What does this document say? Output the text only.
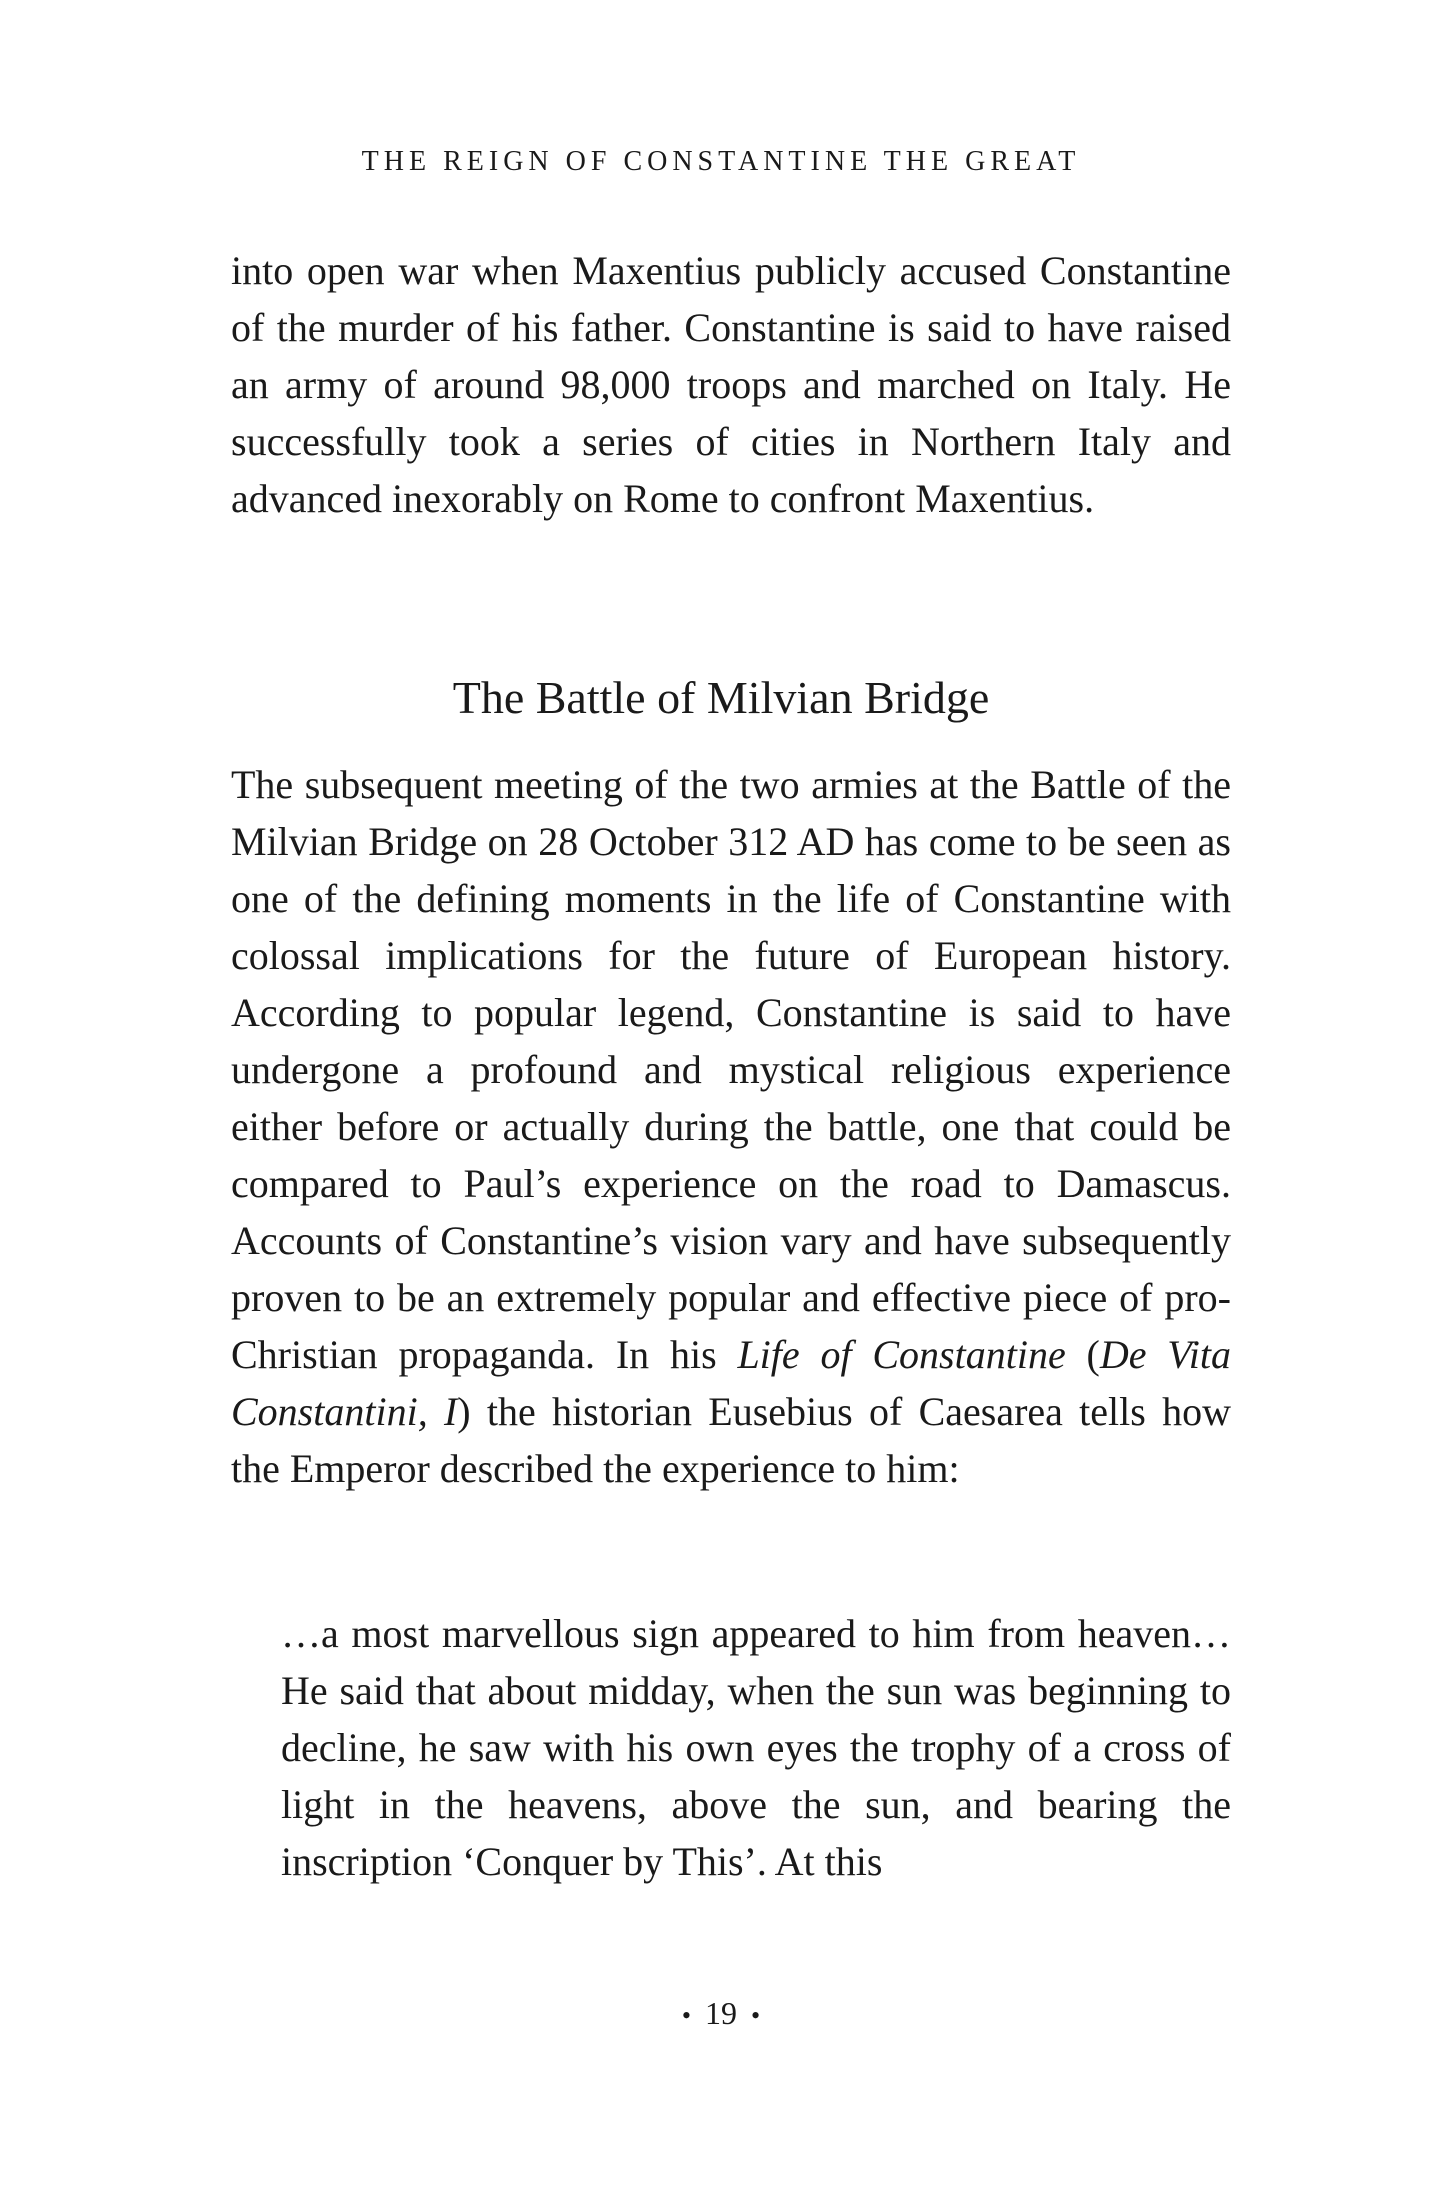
THE REIGN OF CONSTANTINE THE GREAT

into open war when Maxentius publicly accused Constantine of the murder of his father. Constantine is said to have raised an army of around 98,000 troops and marched on Italy. He successfully took a series of cities in Northern Italy and advanced inexorably on Rome to confront Maxentius.

The Battle of Milvian Bridge

The subsequent meeting of the two armies at the Battle of the Milvian Bridge on 28 October 312 AD has come to be seen as one of the defining moments in the life of Constantine with colossal implications for the future of European history. According to popular legend, Constantine is said to have undergone a profound and mystical religious experience either before or actually during the battle, one that could be compared to Paul’s experience on the road to Damascus. Accounts of Constantine’s vision vary and have subsequently proven to be an extremely popular and effective piece of pro-Christian propaganda. In his Life of Constantine (De Vita Constantini, I) the historian Eusebius of Caesarea tells how the Emperor described the experience to him:

…a most marvellous sign appeared to him from heaven… He said that about midday, when the sun was beginning to decline, he saw with his own eyes the trophy of a cross of light in the heavens, above the sun, and bearing the inscription ‘Conquer by This’. At this

• 19 •
